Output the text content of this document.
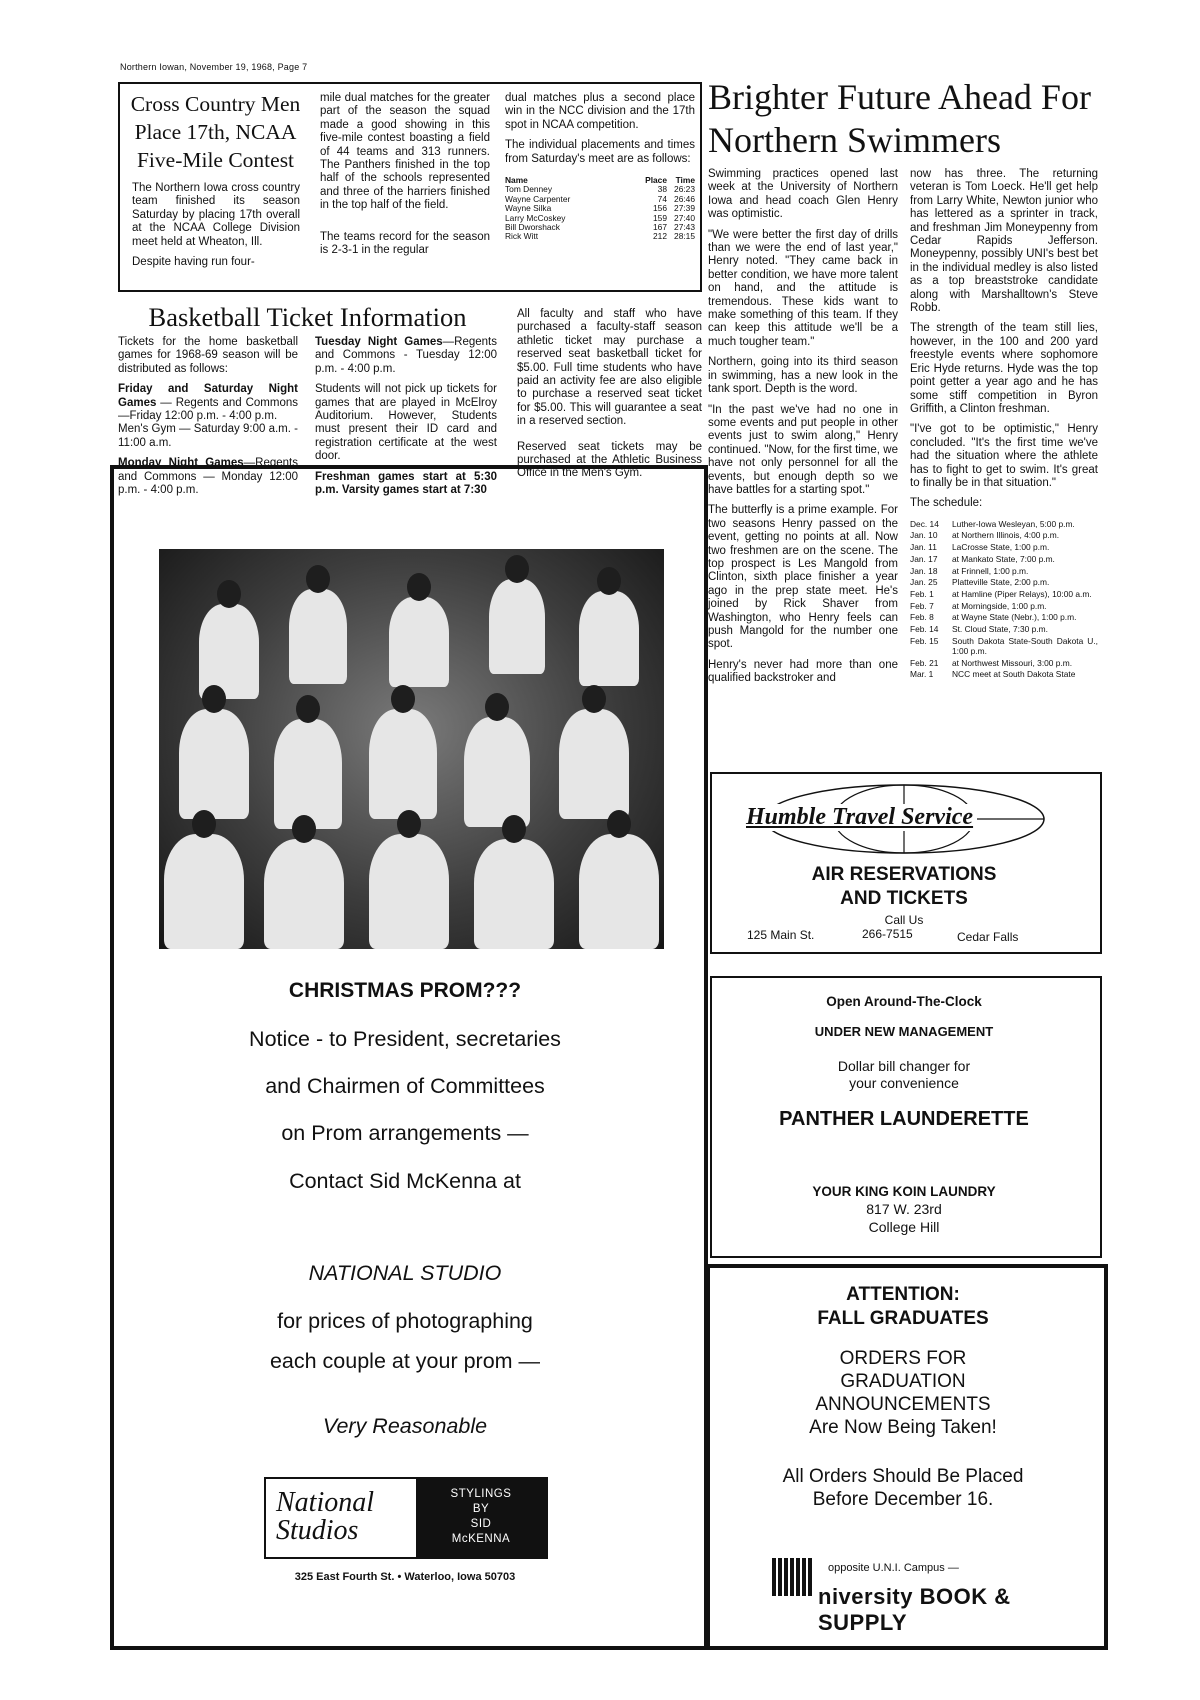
Northern Iowan, November 19, 1968, Page 7
Cross Country Men Place 17th, NCAA Five-Mile Contest

The Northern Iowa cross country team finished its season Saturday by placing 17th overall at the NCAA College Division meet held at Wheaton, Ill.

Despite having run four-

mile dual matches for the greater part of the season the squad made a good showing in this five-mile contest boasting a field of 44 teams and 313 runners. The Panthers finished in the top half of the schools represented and three of the harriers finished in the top half of the field.

The teams record for the season is 2-3-1 in the regular

dual matches plus a second place win in the NCC division and the 17th spot in NCAA competition.

The individual placements and times from Saturday's meet are as follows:

Name	Place	Time
Tom Denney	38 26:23
Wayne Carpenter	74 26:46
Wayne Silka	156 27:39
Larry McCoskey	159 27:40
Bill Dworshack	167 27:43
Rick Witt	212 28:15
Brighter Future Ahead For Northern Swimmers

Swimming practices opened last week at the University of Northern Iowa and head coach Glen Henry was optimistic.

"We were better the first day of drills than we were the end of last year," Henry noted. "They came back in better condition, we have more talent on hand, and the attitude is tremendous. These kids want to make something of this team. If they can keep this attitude we'll be a much tougher team."

Northern, going into its third season in swimming, has a new look in the tank sport. Depth is the word.

"In the past we've had no one in some events and put people in other events just to swim along," Henry continued. "Now, for the first time, we have not only personnel for all the events, but enough depth so we have battles for a starting spot."

The butterfly is a prime example. For two seasons Henry passed on the event, getting no points at all. Now two freshmen are on the scene. The top prospect is Les Mangold from Clinton, sixth place finisher a year ago in the prep state meet. He's joined by Rick Shaver from Washington, who Henry feels can push Mangold for the number one spot.

Henry's never had more than one qualified backstroker and

now has three. The returning veteran is Tom Loeck. He'll get help from Larry White, Newton junior who has lettered as a sprinter in track, and freshman Jim Moneypenny from Cedar Rapids Jefferson. Moneypenny, possibly UNI's best bet in the individual medley is also listed as a top breaststroke candidate along with Marshalltown's Steve Robb.

The strength of the team still lies, however, in the 100 and 200 yard freestyle events where sophomore Eric Hyde returns. Hyde was the top point getter a year ago and he has some stiff competition in Byron Griffith, a Clinton freshman.

"I've got to be optimistic," Henry concluded. "It's the first time we've had the situation where the athlete has to fight to get to swim. It's great to finally be in that situation."

The schedule:

Dec. 14	Luther-Iowa Wesleyan, 5:00 p.m.
Jan. 10	at Northern Illinois, 4:00 p.m.
Jan. 11	LaCrosse State, 1:00 p.m.
Jan. 17	at Mankato State, 7:00 p.m.
Jan. 18	at Frinnell, 1:00 p.m.
Jan. 25	Platteville State, 2:00 p.m.
Feb. 1	at Hamline (Piper Relays), 10:00 a.m.
Feb. 7	at Morningside, 1:00 p.m.
Feb. 8	at Wayne State (Nebr.), 1:00 p.m.
Feb. 14	St. Cloud State, 7:30 p.m.
Feb. 15	South Dakota State-South Dakota U., 1:00 p.m.
Feb. 21	at Northwest Missouri, 3:00 p.m.
Mar. 1	NCC meet at South Dakota State
Basketball Ticket Information

Tickets for the home basketball games for 1968-69 season will be distributed as follows:

Friday and Saturday Night Games — Regents and Commons —Friday 12:00 p.m. - 4:00 p.m.

Men's Gym — Saturday 9:00 a.m. - 11:00 a.m.

Monday Night Games—Regents and Commons — Monday 12:00 p.m. - 4:00 p.m.

Tuesday Night Games—Regents and Commons - Tuesday 12:00 p.m. - 4:00 p.m.

Students will not pick up tickets for games that are played in McElroy Auditorium. However, Students must present their ID card and registration certificate at the west door.

Freshman games start at 5:30 p.m. Varsity games start at 7:30

All faculty and staff who have purchased a faculty-staff season athletic ticket may purchase a reserved seat basketball ticket for $5.00. Full time students who have paid an activity fee are also eligible to purchase a reserved seat ticket for $5.00. This will guarantee a seat in a reserved section.

Reserved seat tickets may be purchased at the Athletic Business Office in the Men's Gym.

CHRISTMAS PROM???
Notice - to President, secretaries
and Chairmen of Committees
on Prom arrangements —
Contact Sid McKenna at
NATIONAL STUDIO
for prices of photographing
each couple at your prom —
Very Reasonable
National Studios
STYLINGS
BY
SID
McKENNA
325 East Fourth St. • Waterloo, Iowa 50703
Humble Travel Service
AIR RESERVATIONS
AND TICKETS
Call Us
125 Main St.	266-7515	Cedar Falls
Open Around-The-Clock
UNDER NEW MANAGEMENT
Dollar bill changer for
your convenience
PANTHER LAUNDERETTE
YOUR KING KOIN LAUNDRY
817 W. 23rd
College Hill
ATTENTION:
FALL GRADUATES
ORDERS FOR
GRADUATION
ANNOUNCEMENTS
Are Now Being Taken!
All Orders Should Be Placed
Before December 16.
opposite U.N.I. Campus —
niversity BOOK & SUPPLY
